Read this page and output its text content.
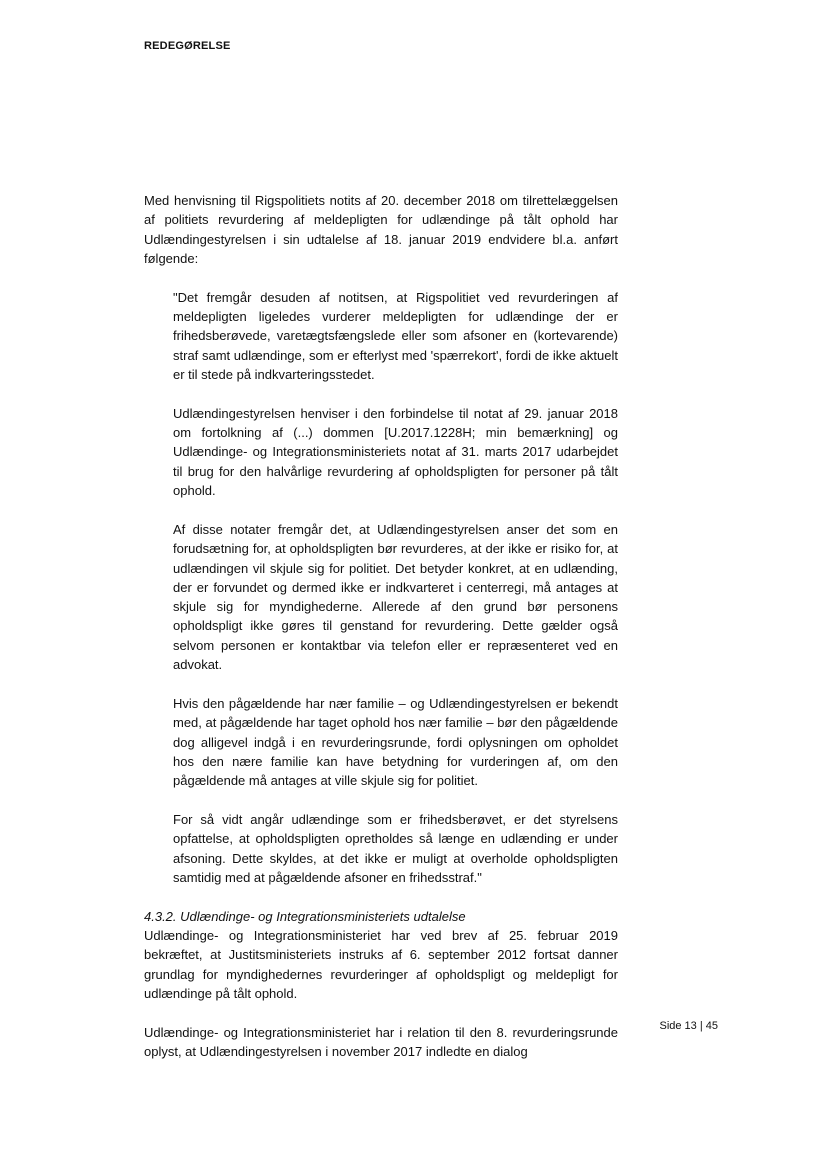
REDEGØRELSE

Med henvisning til Rigspolitiets notits af 20. december 2018 om tilrettelæggelsen af politiets revurdering af meldepligten for udlændinge på tålt ophold har Udlændingestyrelsen i sin udtalelse af 18. januar 2019 endvidere bl.a. anført følgende:

"Det fremgår desuden af notitsen, at Rigspolitiet ved revurderingen af meldepligten ligeledes vurderer meldepligten for udlændinge der er frihedsberøvede, varetægtsfængslede eller som afsoner en (kortevarende) straf samt udlændinge, som er efterlyst med 'spærrekort', fordi de ikke aktuelt er til stede på indkvarteringsstedet.

Udlændingestyrelsen henviser i den forbindelse til notat af 29. januar 2018 om fortolkning af (...) dommen [U.2017.1228H; min bemærkning] og Udlændinge- og Integrationsministeriets notat af 31. marts 2017 udarbejdet til brug for den halvårlige revurdering af opholdspligten for personer på tålt ophold.

Af disse notater fremgår det, at Udlændingestyrelsen anser det som en forudsætning for, at opholdspligten bør revurderes, at der ikke er risiko for, at udlændingen vil skjule sig for politiet. Det betyder konkret, at en udlænding, der er forvundet og dermed ikke er indkvarteret i centerregi, må antages at skjule sig for myndighederne. Allerede af den grund bør personens opholdspligt ikke gøres til genstand for revurdering. Dette gælder også selvom personen er kontaktbar via telefon eller er repræsenteret ved en advokat.

Hvis den pågældende har nær familie – og Udlændingestyrelsen er bekendt med, at pågældende har taget ophold hos nær familie – bør den pågældende dog alligevel indgå i en revurderingsrunde, fordi oplysningen om opholdet hos den nære familie kan have betydning for vurderingen af, om den pågældende må antages at ville skjule sig for politiet.

For så vidt angår udlændinge som er frihedsberøvet, er det styrelsens opfattelse, at opholdspligten opretholdes så længe en udlænding er under afsoning. Dette skyldes, at det ikke er muligt at overholde opholdspligten samtidig med at pågældende afsoner en frihedsstraf."

4.3.2. Udlændinge- og Integrationsministeriets udtalelse

Udlændinge- og Integrationsministeriet har ved brev af 25. februar 2019 bekræftet, at Justitsministeriets instruks af 6. september 2012 fortsat danner grundlag for myndighedernes revurderinger af opholdspligt og meldepligt for udlændinge på tålt ophold.

Udlændinge- og Integrationsministeriet har i relation til den 8. revurderingsrunde oplyst, at Udlændingestyrelsen i november 2017 indledte en dialog

Side 13 | 45
